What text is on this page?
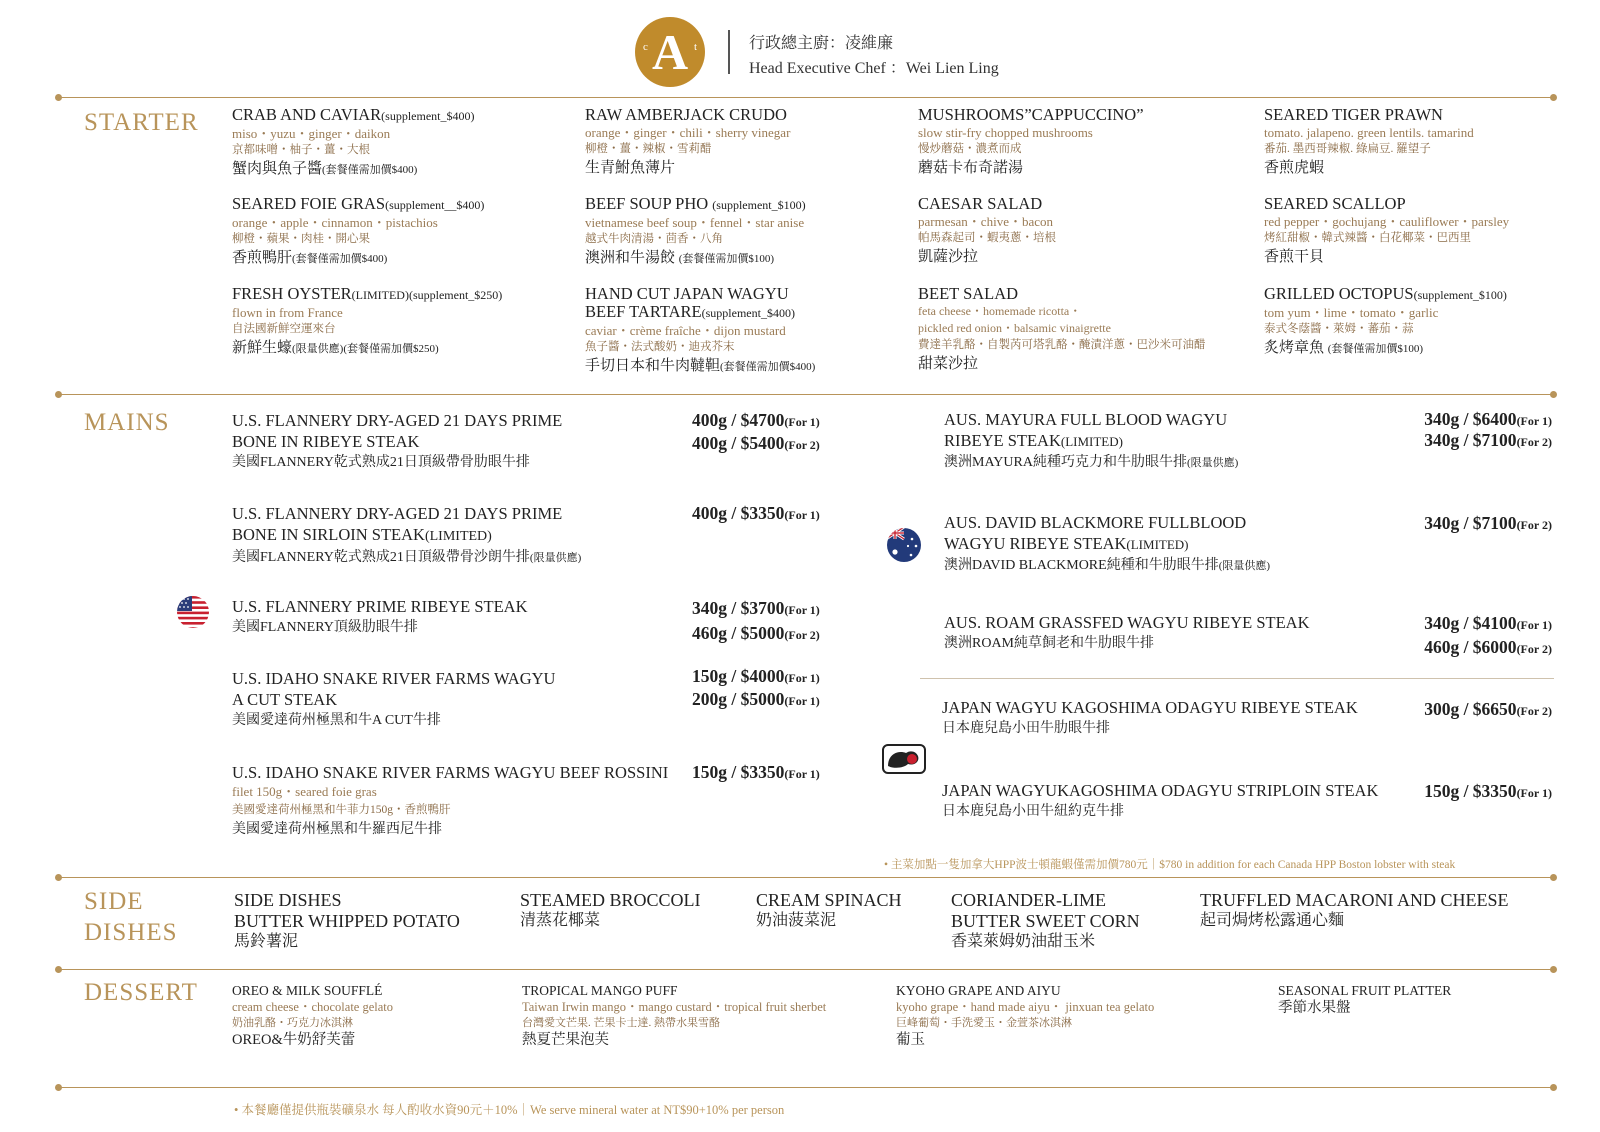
A
c	t	行政總主廚：凌維廉
Head Executive Chef ：Wei Lien Ling
STARTER
MAINS
SIDE
DISHES
DESSERT
CRAB AND CAVIAR(supplement_$400)
miso・yuzu・ginger・daikon
京都味噌・柚子・薑・大根
蟹肉與魚子醬(套餐僅需加價$400)
RAW AMBERJACK CRUDO
orange・ginger・chili・sherry vinegar
柳橙・薑・辣椒・雪莉醋
生青鮒魚薄片
MUSHROOMS”CAPPUCCINO”
slow stir-fry chopped mushrooms
慢炒蘑菇・濃煮而成
蘑菇卡布奇諾湯
SEARED TIGER PRAWN
tomato. jalapeno. green lentils. tamarind
番茄. 墨西哥辣椒. 綠扁豆. 羅望子
香煎虎蝦
SEARED FOIE GRAS(supplement__$400)
orange・apple・cinnamon・pistachios
柳橙・蘋果・肉桂・開心果
香煎鴨肝(套餐僅需加價$400)
BEEF SOUP PHO (supplement_$100)
vietnamese beef soup・fennel・star anise
越式牛肉清湯・茴香・八角
澳洲和牛湯餃 (套餐僅需加價$100)
CAESAR SALAD
parmesan・chive・bacon
帕馬森起司・蝦夷蔥・培根
凱薩沙拉
SEARED SCALLOP
red pepper・gochujang・cauliflower・parsley
烤紅甜椒・韓式辣醬・白花椰菜・巴西里
香煎干貝
FRESH OYSTER(LIMITED)(supplement_$250)
flown in from France
自法國新鮮空運來台
新鮮生蠔(限量供應)(套餐僅需加價$250)
HAND CUT JAPAN WAGYU
BEEF TARTARE(supplement_$400)
caviar・crème fraîche・dijon mustard
魚子醬・法式酸奶・迪戎芥末
手切日本和牛肉韃靼(套餐僅需加價$400)
BEET SALAD
feta cheese・homemade ricotta・
pickled red onion・balsamic vinaigrette
費達羊乳酪・自製芮可塔乳酪・醃漬洋蔥・巴沙米可油醋
甜菜沙拉
GRILLED OCTOPUS(supplement_$100)
tom yum・lime・tomato・garlic
泰式冬蔭醬・萊姆・蕃茄・蒜
炙烤章魚 (套餐僅需加價$100)
U.S. FLANNERY DRY-AGED 21 DAYS PRIME
BONE IN RIBEYE STEAK
美國FLANNERY乾式熟成21日頂級帶骨肋眼牛排
400g / $4700(For 1)
400g / $5400(For 2)
U.S. FLANNERY DRY-AGED 21 DAYS PRIME
BONE IN SIRLOIN STEAK(LIMITED)
美國FLANNERY乾式熟成21日頂級帶骨沙朗牛排(限量供應)
400g / $3350(For 1)
U.S. FLANNERY PRIME RIBEYE STEAK
美國FLANNERY頂級肋眼牛排
340g / $3700(For 1)
460g / $5000(For 2)
U.S. IDAHO SNAKE RIVER FARMS WAGYU
A CUT STEAK
美國愛達荷州極黑和牛A CUT牛排
150g / $4000(For 1)
200g / $5000(For 1)
U.S. IDAHO SNAKE RIVER FARMS WAGYU BEEF ROSSINI
filet 150g・seared foie gras
美國愛達荷州極黑和牛菲力150g・香煎鴨肝
美國愛達荷州極黑和牛羅西尼牛排
150g / $3350(For 1)
AUS. MAYURA FULL BLOOD WAGYU
RIBEYE STEAK(LIMITED)
澳洲MAYURA純種巧克力和牛肋眼牛排(限量供應)
340g / $6400(For 1)
340g / $7100(For 2)
AUS. DAVID BLACKMORE FULLBLOOD
WAGYU RIBEYE STEAK(LIMITED)
澳洲DAVID BLACKMORE純種和牛肋眼牛排(限量供應)
340g / $7100(For 2)
AUS. ROAM GRASSFED WAGYU RIBEYE STEAK
澳洲ROAM純草飼老和牛肋眼牛排
340g / $4100(For 1)
460g / $6000(For 2)
JAPAN WAGYU KAGOSHIMA ODAGYU RIBEYE STEAK
日本鹿兒島小田牛肋眼牛排
300g / $6650(For 2)
JAPAN WAGYUKAGOSHIMA ODAGYU STRIPLOIN STEAK
日本鹿兒島小田牛紐約克牛排
150g / $3350(For 1)
• 主菜加點一隻加拿大HPP波士頓龍蝦僅需加價780元｜$780 in addition for each Canada HPP Boston lobster with steak
SIDE DISHES
BUTTER WHIPPED POTATO
馬鈴薯泥
STEAMED BROCCOLI
清蒸花椰菜
CREAM SPINACH
奶油菠菜泥
CORIANDER-LIME
BUTTER SWEET CORN
香菜萊姆奶油甜玉米
TRUFFLED MACARONI AND CHEESE
起司焗烤松露通心麵
OREO & MILK SOUFFLÉ
cream cheese・chocolate gelato
奶油乳酪・巧克力冰淇淋
OREO&牛奶舒芙蕾
TROPICAL MANGO PUFF
Taiwan Irwin mango・mango custard・tropical fruit sherbet
台灣愛文芒果. 芒果卡士達. 熱帶水果雪酪
熱夏芒果泡芙
KYOHO GRAPE AND AIYU
kyoho grape・hand made aiyu・ jinxuan tea gelato
巨峰葡萄・手洗愛玉・金萱茶冰淇淋
葡玉
SEASONAL FRUIT PLATTER
季節水果盤
• 本餐廳僅提供瓶裝礦泉水 每人酌收水資90元＋10%｜We serve mineral water at NT$90+10% per person
